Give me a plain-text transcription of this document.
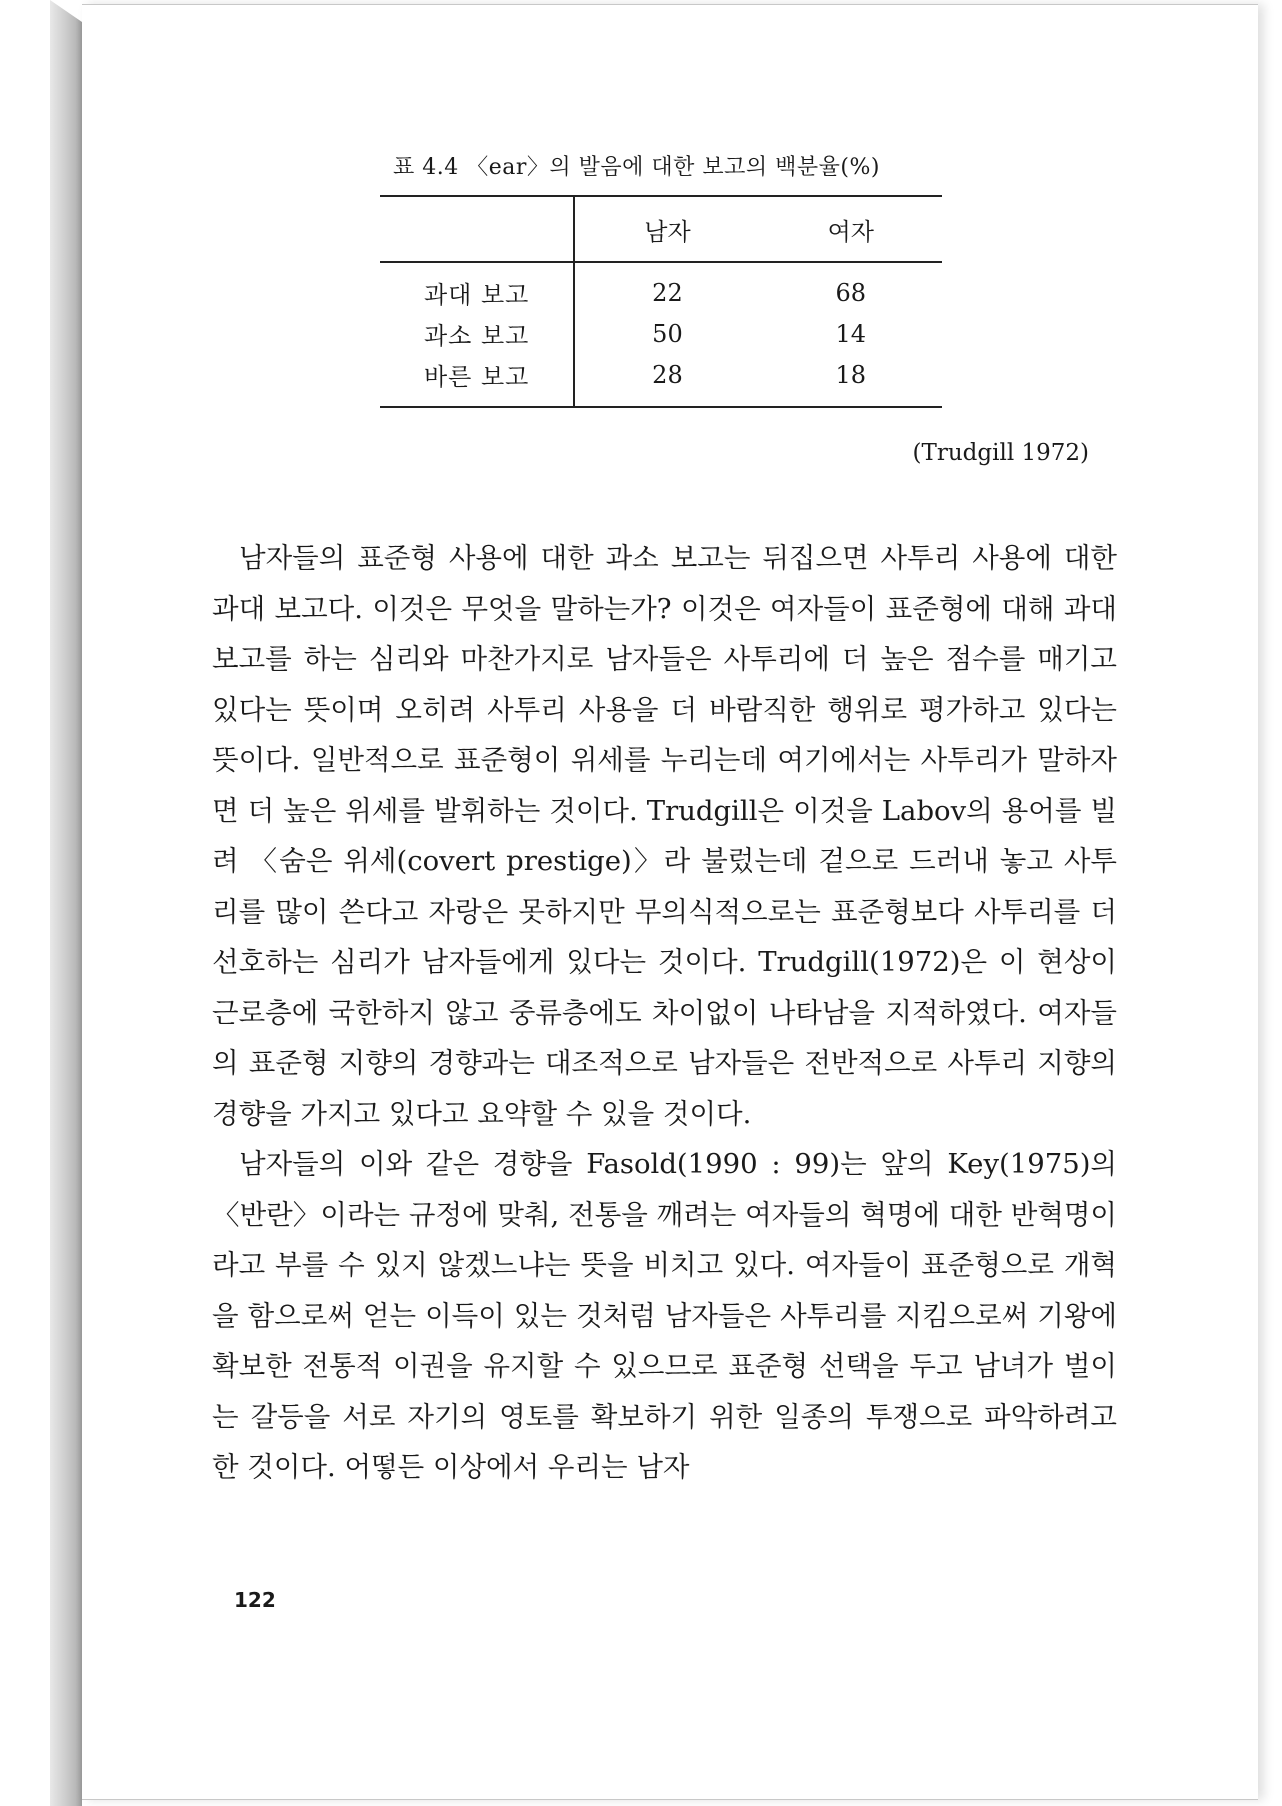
표 4.4 〈ear〉의 발음에 대한 보고의 백분율(%)
	남자	여자
과대 보고	22	68
과소 보고	50	14
바른 보고	28	18
(Trudgill 1972)

남자들의 표준형 사용에 대한 과소 보고는 뒤집으면 사투리 사용에 대한 과대 보고다. 이것은 무엇을 말하는가? 이것은 여자들이 표준형에 대해 과대 보고를 하는 심리와 마찬가지로 남자들은 사투리에 더 높은 점수를 매기고 있다는 뜻이며 오히려 사투리 사용을 더 바람직한 행위로 평가하고 있다는 뜻이다. 일반적으로 표준형이 위세를 누리는데 여기에서는 사투리가 말하자면 더 높은 위세를 발휘하는 것이다. Trudgill은 이것을 Labov의 용어를 빌려 〈숨은 위세(covert prestige)〉라 불렀는데 겉으로 드러내 놓고 사투리를 많이 쓴다고 자랑은 못하지만 무의식적으로는 표준형보다 사투리를 더 선호하는 심리가 남자들에게 있다는 것이다. Trudgill(1972)은 이 현상이 근로층에 국한하지 않고 중류층에도 차이없이 나타남을 지적하였다. 여자들의 표준형 지향의 경향과는 대조적으로 남자들은 전반적으로 사투리 지향의 경향을 가지고 있다고 요약할 수 있을 것이다.

남자들의 이와 같은 경향을 Fasold(1990 : 99)는 앞의 Key(1975)의 〈반란〉이라는 규정에 맞춰, 전통을 깨려는 여자들의 혁명에 대한 반혁명이라고 부를 수 있지 않겠느냐는 뜻을 비치고 있다. 여자들이 표준형으로 개혁을 함으로써 얻는 이득이 있는 것처럼 남자들은 사투리를 지킴으로써 기왕에 확보한 전통적 이권을 유지할 수 있으므로 표준형 선택을 두고 남녀가 벌이는 갈등을 서로 자기의 영토를 확보하기 위한 일종의 투쟁으로 파악하려고 한 것이다. 어떻든 이상에서 우리는 남자

122
